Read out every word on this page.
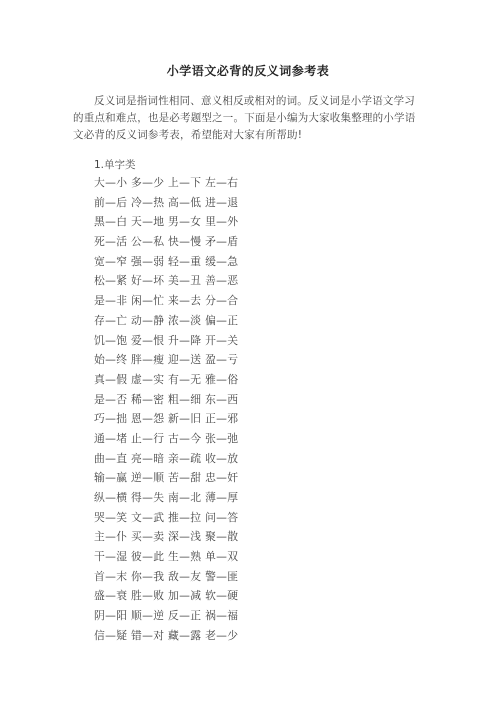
小学语文必背的反义词参考表

反义词是指词性相同、意义相反或相对的词。反义词是小学语文学习的重点和难点，也是必考题型之一。下面是小编为大家收集整理的小学语文必背的反义词参考表，希望能对大家有所帮助!

1.单字类
大—小 多—少 上—下 左—右
前—后 冷—热 高—低 进—退
黑—白 天—地 男—女 里—外
死—活 公—私 快—慢 矛—盾
宽—窄 强—弱 轻—重 缓—急
松—紧 好—坏 美—丑 善—恶
是—非 闲—忙 来—去 分—合
存—亡 动—静 浓—淡 偏—正
饥—饱 爱—恨 升—降 开—关
始—终 胖—瘦 迎—送 盈—亏
真—假 虚—实 有—无 雅—俗
是—否 稀—密 粗—细 东—西
巧—拙 恩—怨 新—旧 正—邪
通—堵 止—行 古—今 张—弛
曲—直 亮—暗 亲—疏 收—放
输—赢 逆—顺 苦—甜 忠—奸
纵—横 得—失 南—北 薄—厚
哭—笑 文—武 推—拉 问—答
主—仆 买—卖 深—浅 聚—散
干—湿 彼—此 生—熟 单—双
首—末 你—我 敌—友 警—匪
盛—衰 胜—败 加—减 软—硬
阴—阳 顺—逆 反—正 祸—福
信—疑 错—对 藏—露 老—少
